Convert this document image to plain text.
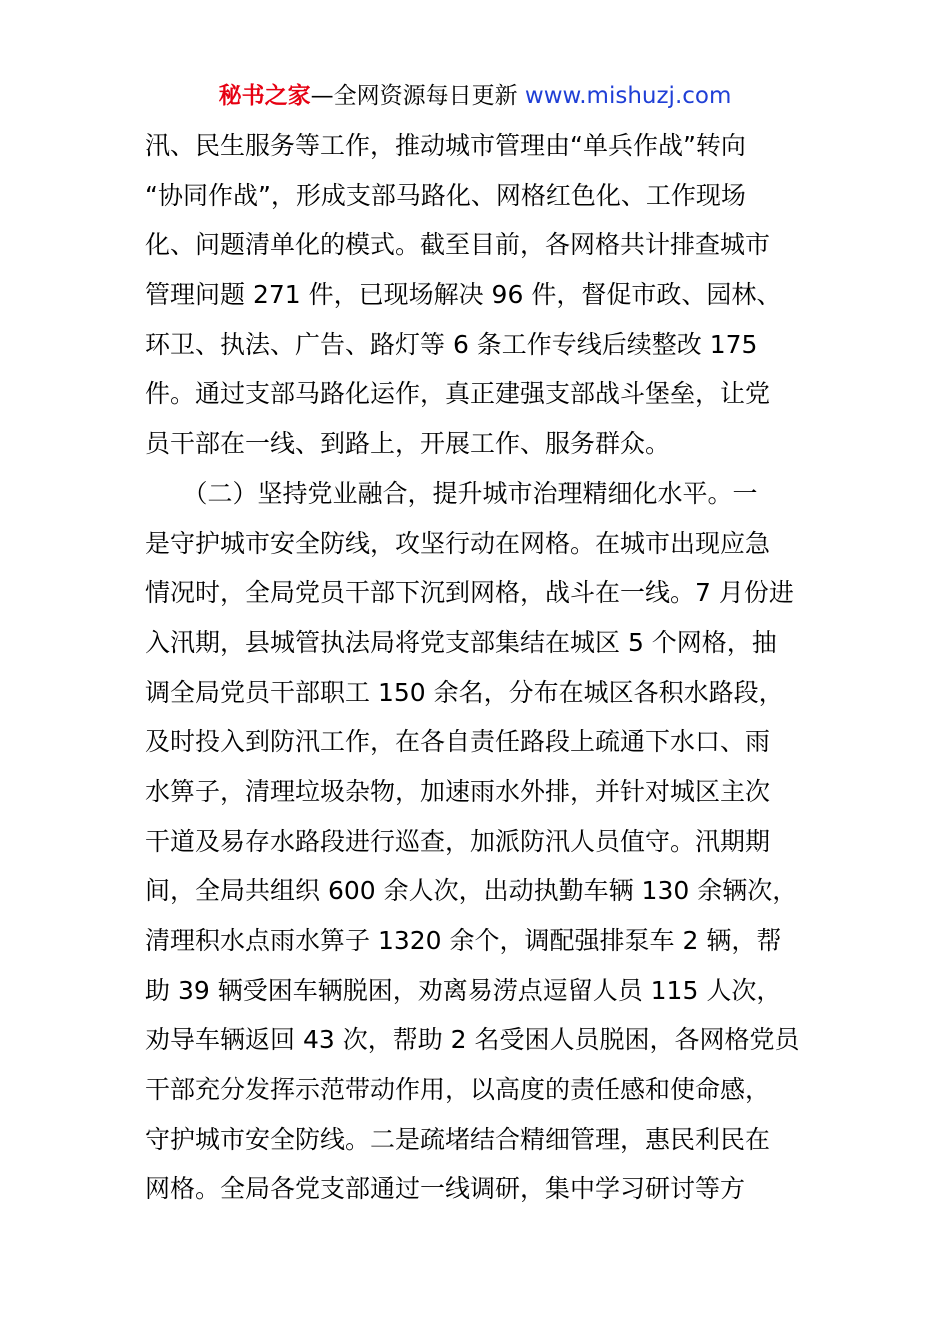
秘书之家—全网资源每日更新 www.mishuzj.com
汛、民生服务等工作，推动城市管理由“单兵作战”转向
“协同作战”，形成支部马路化、网格红色化、工作现场
化、问题清单化的模式。截至目前，各网格共计排查城市
管理问题 271 件，已现场解决 96 件，督促市政、园林、
环卫、执法、广告、路灯等 6 条工作专线后续整改 175
件。通过支部马路化运作，真正建强支部战斗堡垒，让党
员干部在一线、到路上，开展工作、服务群众。
　　（二）坚持党业融合，提升城市治理精细化水平。一
是守护城市安全防线，攻坚行动在网格。在城市出现应急
情况时，全局党员干部下沉到网格，战斗在一线。7 月份进
入汛期，县城管执法局将党支部集结在城区 5 个网格，抽
调全局党员干部职工 150 余名，分布在城区各积水路段，
及时投入到防汛工作，在各自责任路段上疏通下水口、雨
水箅子，清理垃圾杂物，加速雨水外排，并针对城区主次
干道及易存水路段进行巡查，加派防汛人员值守。汛期期
间，全局共组织 600 余人次，出动执勤车辆 130 余辆次，
清理积水点雨水箅子 1320 余个，调配强排泵车 2 辆，帮
助 39 辆受困车辆脱困，劝离易涝点逗留人员 115 人次，
劝导车辆返回 43 次，帮助 2 名受困人员脱困，各网格党员
干部充分发挥示范带动作用，以高度的责任感和使命感，
守护城市安全防线。二是疏堵结合精细管理，惠民利民在
网格。全局各党支部通过一线调研，集中学习研讨等方
